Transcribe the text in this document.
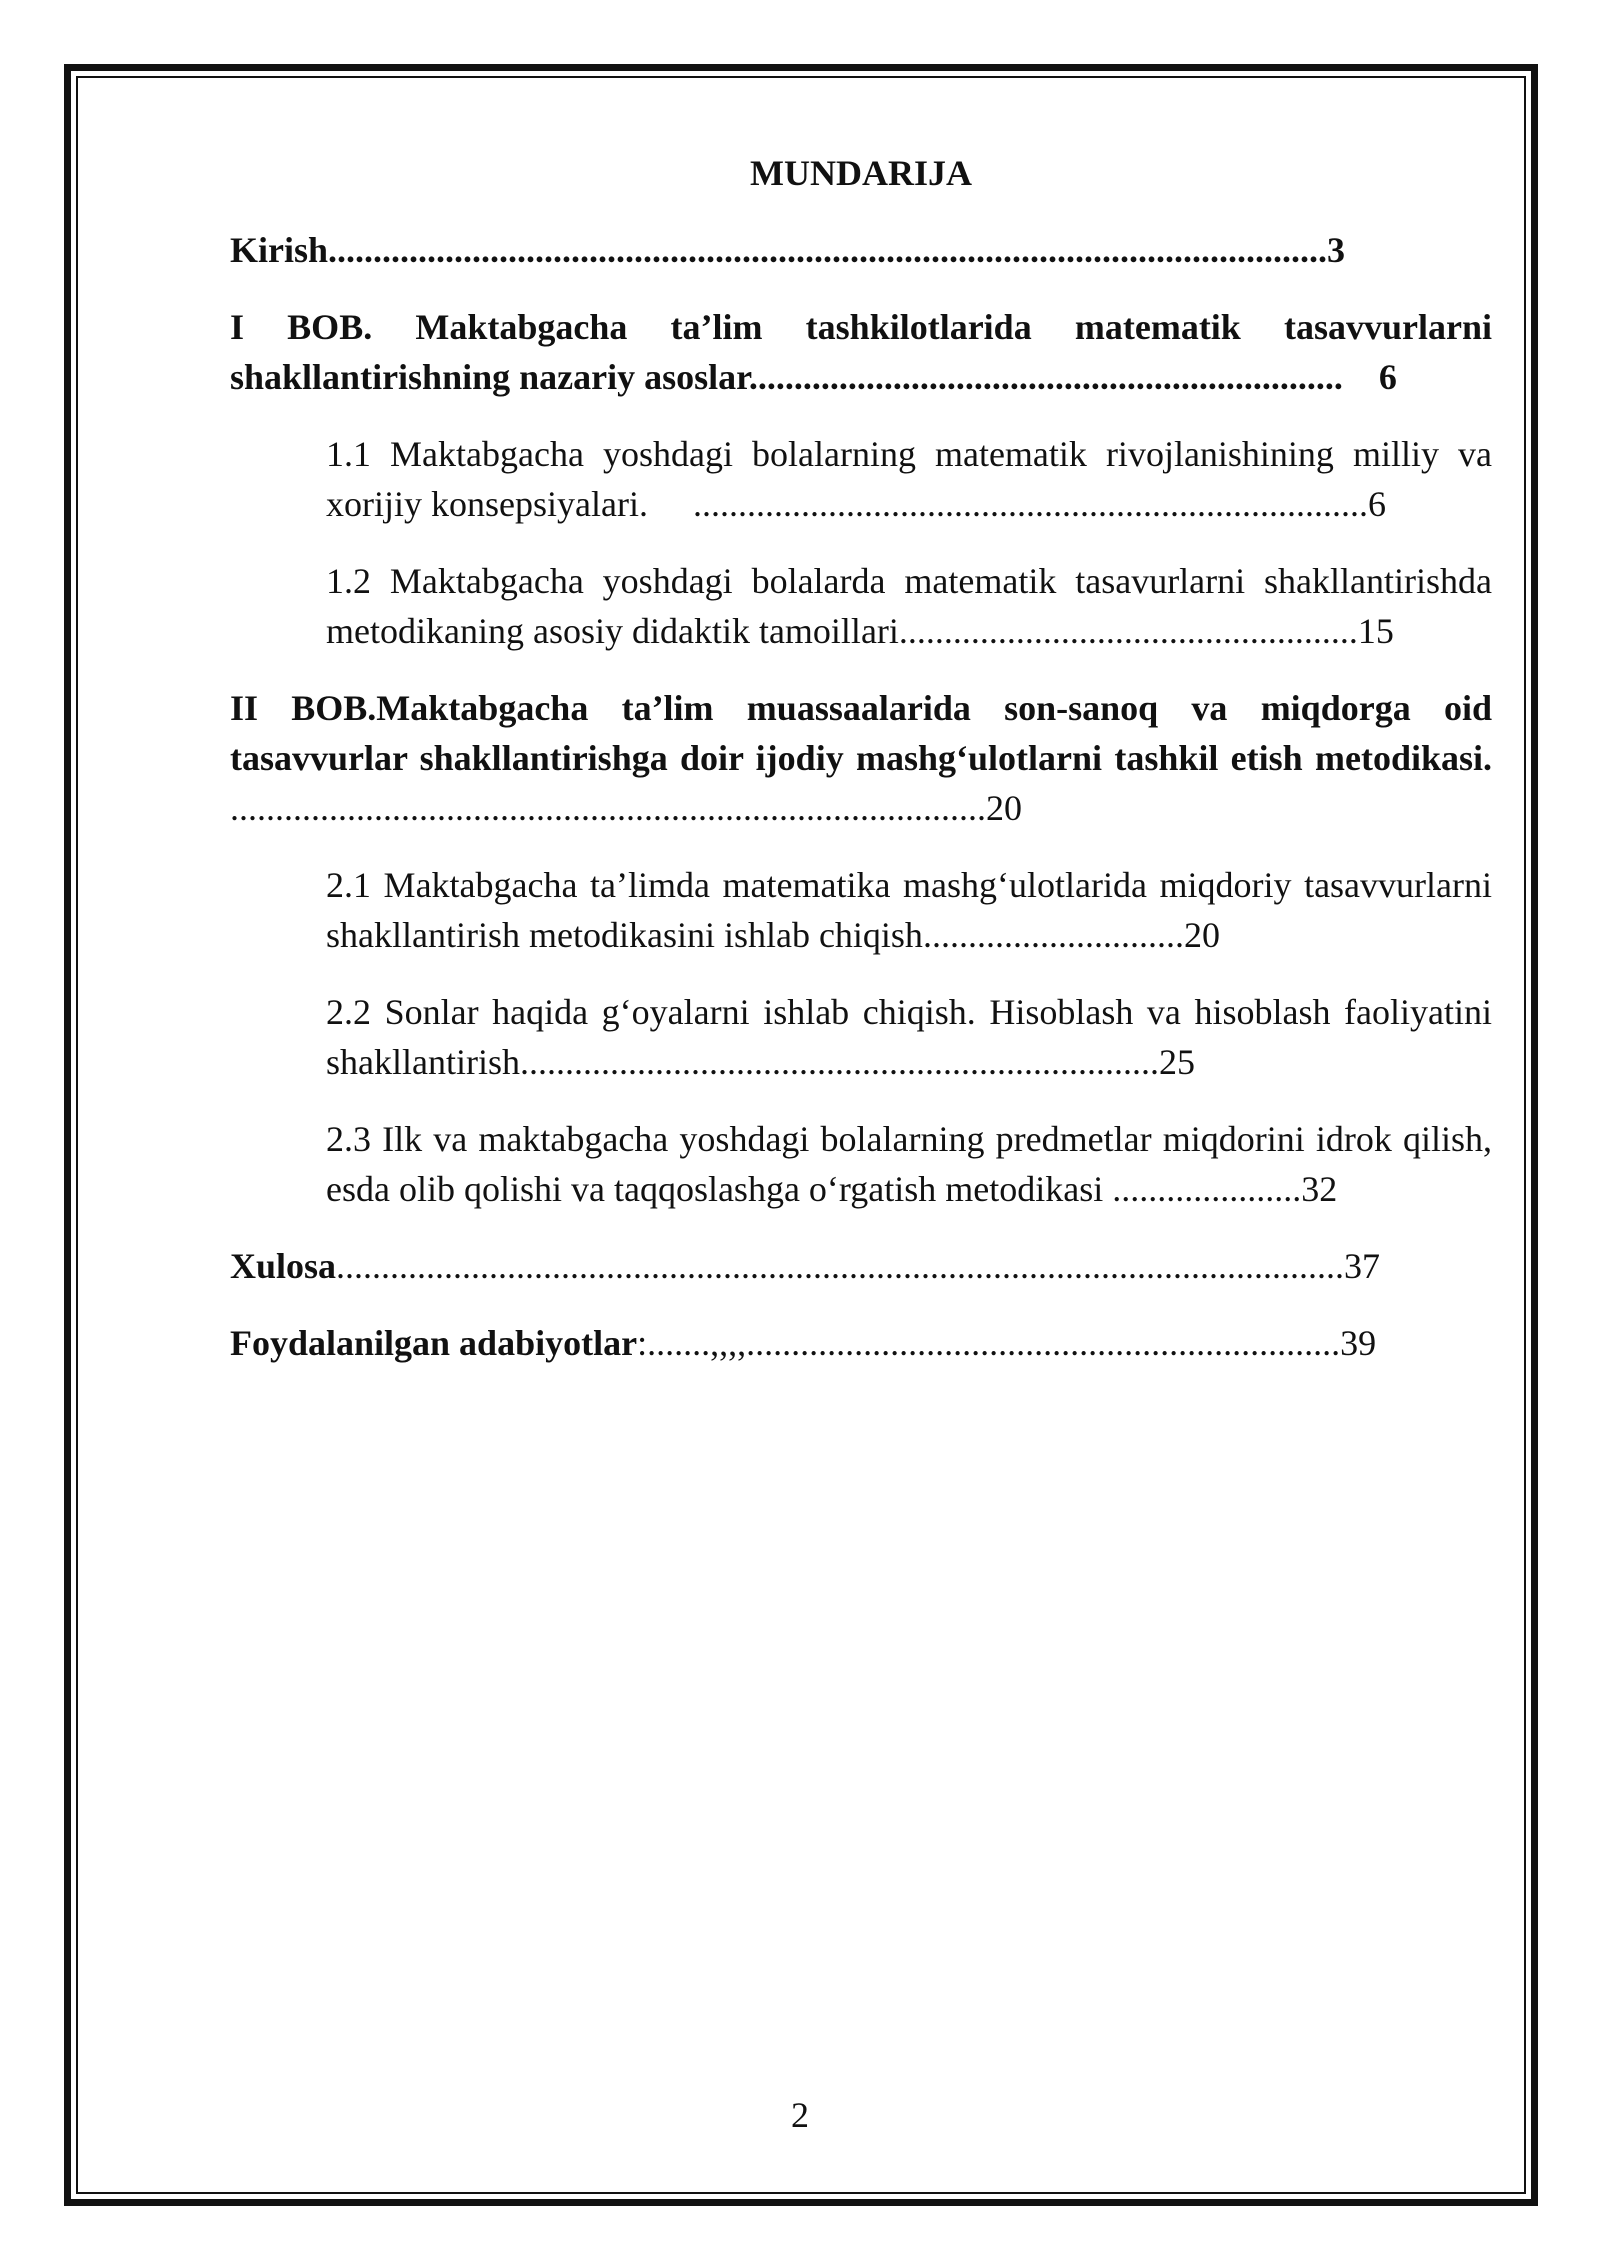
MUNDARIJA
Kirish...............................................................................................................3
I BOB. Maktabgacha ta’lim tashkilotlarida matematik tasavvurlarni shakllantirishning nazariy asoslar.................................................................. 6
1.1 Maktabgacha yoshdagi bolalarning matematik rivojlanishining milliy va xorijiy konsepsiyalari. ...........................................................................6
1.2 Maktabgacha yoshdagi bolalarda matematik tasavurlarni shakllantirishda metodikaning asosiy didaktik tamoillari...................................................15
II BOB.Maktabgacha ta’lim muassaalarida son-sanoq va miqdorga oid tasavvurlar shakllantirishga doir ijodiy mashg‘ulotlarni tashkil etish metodikasi. ....................................................................................20
2.1 Maktabgacha ta’limda matematika mashg‘ulotlarida miqdoriy tasavvurlarni shakllantirish metodikasini ishlab chiqish.............................20
2.2 Sonlar haqida g‘oyalarni ishlab chiqish. Hisoblash va hisoblash faoliyatini shakllantirish.......................................................................25
2.3 Ilk va maktabgacha yoshdagi bolalarning predmetlar miqdorini idrok qilish, esda olib qolishi va taqqoslashga o‘rgatish metodikasi .....................32
Xulosa................................................................................................................37
Foydalanilgan adabiyotlar:.......,,,,..................................................................39
2
